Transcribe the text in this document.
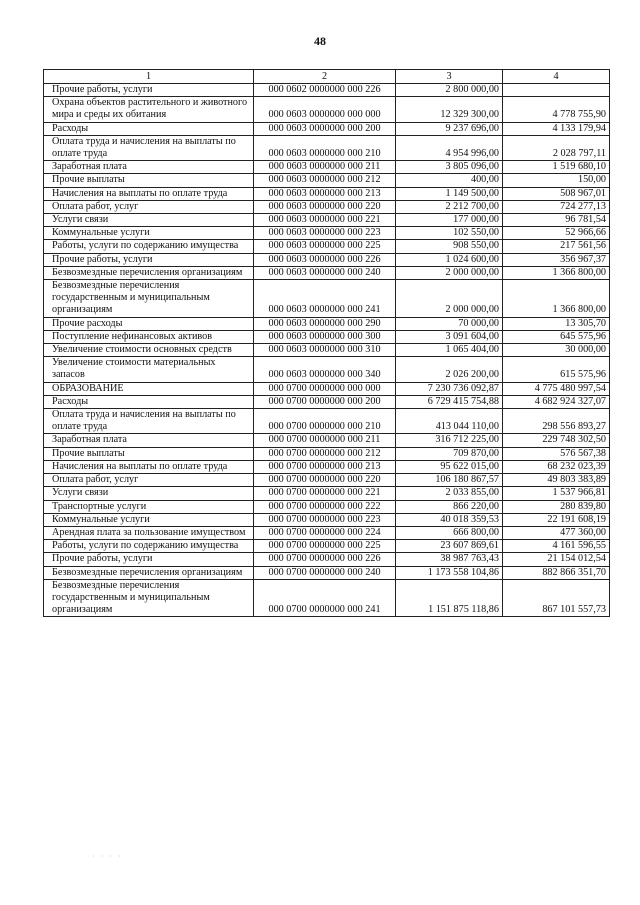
48
1	2	3	4
Прочие работы, услуги	000 0602 0000000 000 226	2 800 000,00	
Охрана объектов растительного и животного мира и среды их обитания	000 0603 0000000 000 000	12 329 300,00	4 778 755,90
Расходы	000 0603 0000000 000 200	9 237 696,00	4 133 179,94
Оплата труда и начисления на выплаты по оплате труда	000 0603 0000000 000 210	4 954 996,00	2 028 797,11
Заработная плата	000 0603 0000000 000 211	3 805 096,00	1 519 680,10
Прочие выплаты	000 0603 0000000 000 212	400,00	150,00
Начисления на выплаты по оплате труда	000 0603 0000000 000 213	1 149 500,00	508 967,01
Оплата работ, услуг	000 0603 0000000 000 220	2 212 700,00	724 277,13
Услуги связи	000 0603 0000000 000 221	177 000,00	96 781,54
Коммунальные услуги	000 0603 0000000 000 223	102 550,00	52 966,66
Работы, услуги по содержанию имущества	000 0603 0000000 000 225	908 550,00	217 561,56
Прочие работы, услуги	000 0603 0000000 000 226	1 024 600,00	356 967,37
Безвозмездные перечисления организациям	000 0603 0000000 000 240	2 000 000,00	1 366 800,00
Безвозмездные перечисления государственным и муниципальным организациям	000 0603 0000000 000 241	2 000 000,00	1 366 800,00
Прочие расходы	000 0603 0000000 000 290	70 000,00	13 305,70
Поступление нефинансовых активов	000 0603 0000000 000 300	3 091 604,00	645 575,96
Увеличение стоимости основных средств	000 0603 0000000 000 310	1 065 404,00	30 000,00
Увеличение стоимости материальных запасов	000 0603 0000000 000 340	2 026 200,00	615 575,96
ОБРАЗОВАНИЕ	000 0700 0000000 000 000	7 230 736 092,87	4 775 480 997,54
Расходы	000 0700 0000000 000 200	6 729 415 754,88	4 682 924 327,07
Оплата труда и начисления на выплаты по оплате труда	000 0700 0000000 000 210	413 044 110,00	298 556 893,27
Заработная плата	000 0700 0000000 000 211	316 712 225,00	229 748 302,50
Прочие выплаты	000 0700 0000000 000 212	709 870,00	576 567,38
Начисления на выплаты по оплате труда	000 0700 0000000 000 213	95 622 015,00	68 232 023,39
Оплата работ, услуг	000 0700 0000000 000 220	106 180 867,57	49 803 383,89
Услуги связи	000 0700 0000000 000 221	2 033 855,00	1 537 966,81
Транспортные услуги	000 0700 0000000 000 222	866 220,00	280 839,80
Коммунальные услуги	000 0700 0000000 000 223	40 018 359,53	22 191 608,19
Арендная плата за пользование имуществом	000 0700 0000000 000 224	666 800,00	477 360,00
Работы, услуги по содержанию имущества	000 0700 0000000 000 225	23 607 869,61	4 161 596,55
Прочие работы, услуги	000 0700 0000000 000 226	38 987 763,43	21 154 012,54
Безвозмездные перечисления организациям	000 0700 0000000 000 240	1 173 558 104,86	882 866 351,70
Безвозмездные перечисления государственным и муниципальным организациям	000 0700 0000000 000 241	1 151 875 118,86	867 101 557,73
· · · ·
